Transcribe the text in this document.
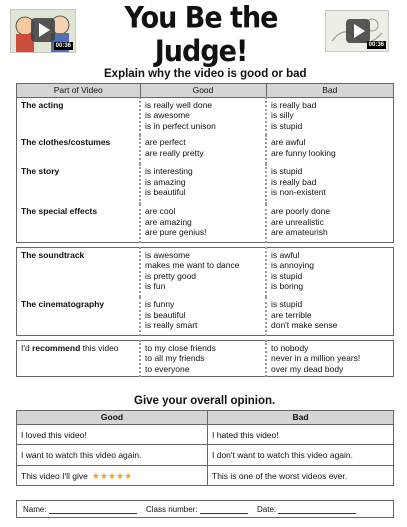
00:36
You Be the Judge!	00:36
Explain why the video is good or bad
Part of Video	Good	Bad
The acting	is really well done
is awesome
is in perfect unison	is really bad
is silly
is stupid

The clothes/costumes	are perfect
are really pretty	are awful
are funny looking

The story	is interesting
is amazing
is beautiful	is stupid
is really bad
is non-existent

The special effects	are cool
are amazing
are pure genius!	are poorly done
are unrealistic
are amateurish

The soundtrack	is awesome
makes me want to dance
is pretty good
is fun	is awful
is annoying
is stupid
is boring

The cinematography	is funny
is beautiful
is really smart	is stupid
are terrible
don't make sense

I'd recommend this video	to my close friends
to all my friends
to everyone	to nobody
never in a million years!
over my dead body
Give your overall opinion.
Good	Bad
I loved this video!	I hated this video!
I want to watch this video again.	I don't want to watch this video again.
This video I'll give ★★★★★	This is one of the worst videos ever.
Name:	Class number:	Date:
